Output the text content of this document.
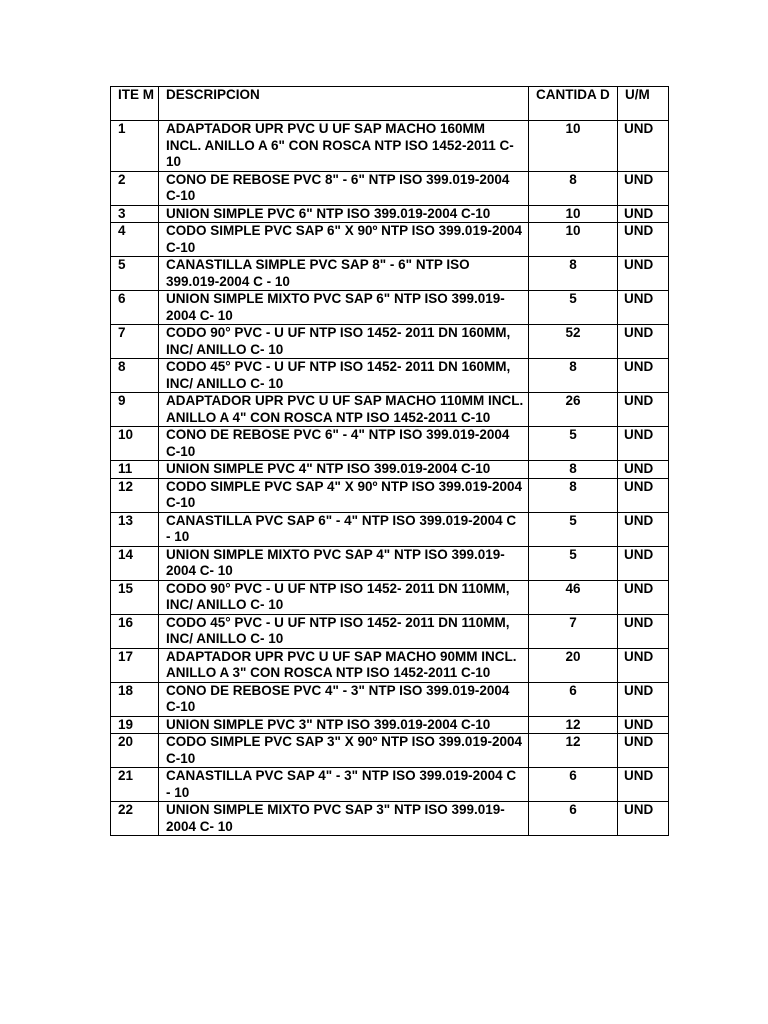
ITE M	DESCRIPCION	CANTIDA D	U/M
1	ADAPTADOR UPR PVC U UF SAP MACHO 160MM INCL. ANILLO A 6" CON ROSCA NTP ISO 1452-2011 C-10	10	UND
2	CONO DE REBOSE PVC 8" - 6" NTP ISO 399.019-2004 C-10	8	UND
3	UNION SIMPLE PVC 6" NTP ISO 399.019-2004 C-10	10	UND
4	CODO SIMPLE PVC SAP 6" X 90º NTP ISO 399.019-2004 C-10	10	UND
5	CANASTILLA SIMPLE PVC SAP 8" - 6" NTP ISO 399.019-2004 C - 10	8	UND
6	UNION SIMPLE MIXTO PVC SAP 6" NTP ISO 399.019-2004 C- 10	5	UND
7	CODO 90° PVC - U UF NTP ISO 1452- 2011 DN 160MM, INC/ ANILLO C- 10	52	UND
8	CODO 45° PVC - U UF NTP ISO 1452- 2011 DN 160MM, INC/ ANILLO C- 10	8	UND
9	ADAPTADOR UPR PVC U UF SAP MACHO 110MM INCL. ANILLO A 4" CON ROSCA NTP ISO 1452-2011 C-10	26	UND
10	CONO DE REBOSE PVC 6" - 4" NTP ISO 399.019-2004 C-10	5	UND
11	UNION SIMPLE PVC 4" NTP ISO 399.019-2004 C-10	8	UND
12	CODO SIMPLE PVC SAP 4" X 90º NTP ISO 399.019-2004 C-10	8	UND
13	CANASTILLA PVC SAP 6" - 4" NTP ISO 399.019-2004 C - 10	5	UND
14	UNION SIMPLE MIXTO PVC SAP 4" NTP ISO 399.019-2004 C- 10	5	UND
15	CODO 90° PVC - U UF NTP ISO 1452- 2011 DN 110MM, INC/ ANILLO C- 10	46	UND
16	CODO 45° PVC - U UF NTP ISO 1452- 2011 DN 110MM, INC/ ANILLO C- 10	7	UND
17	ADAPTADOR UPR PVC U UF SAP MACHO 90MM INCL. ANILLO A 3" CON ROSCA NTP ISO 1452-2011 C-10	20	UND
18	CONO DE REBOSE PVC 4" - 3" NTP ISO 399.019-2004 C-10	6	UND
19	UNION SIMPLE PVC 3" NTP ISO 399.019-2004 C-10	12	UND
20	CODO SIMPLE PVC SAP 3" X 90º NTP ISO 399.019-2004 C-10	12	UND
21	CANASTILLA PVC SAP 4" - 3" NTP ISO 399.019-2004 C - 10	6	UND
22	UNION SIMPLE MIXTO PVC SAP 3" NTP ISO 399.019-2004 C- 10	6	UND
